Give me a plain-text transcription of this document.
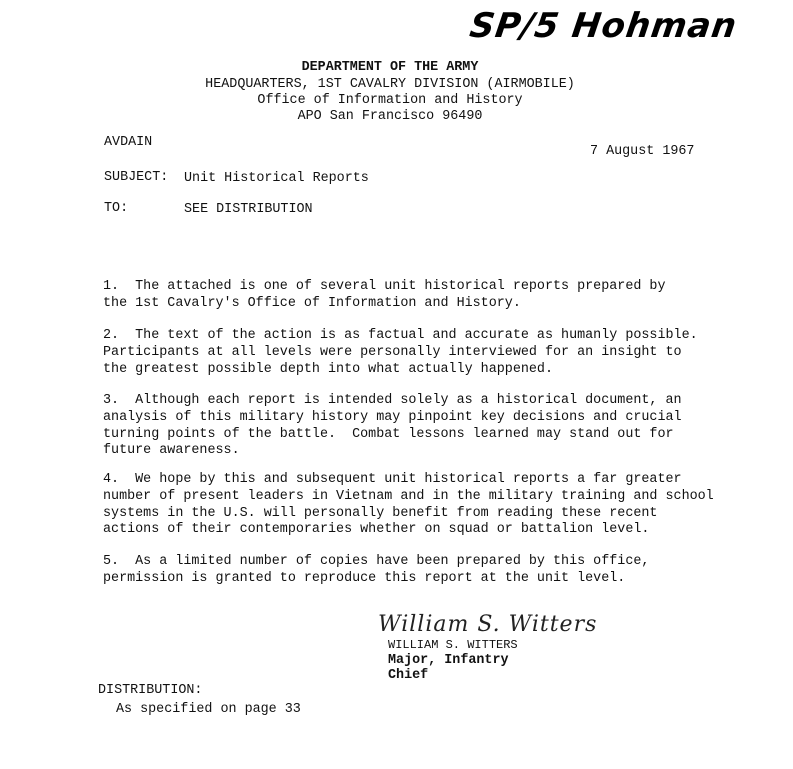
SP/5 Hohman
DEPARTMENT OF THE ARMY
HEADQUARTERS, 1ST CAVALRY DIVISION (AIRMOBILE)
Office of Information and History
APO San Francisco 96490
AVDAIN
7 August 1967
SUBJECT: Unit Historical Reports
TO:	SEE DISTRIBUTION
1.  The attached is one of several unit historical reports prepared by
the 1st Cavalry's Office of Information and History.
2.  The text of the action is as factual and accurate as humanly possible.
Participants at all levels were personally interviewed for an insight to
the greatest possible depth into what actually happened.
3.  Although each report is intended solely as a historical document, an
analysis of this military history may pinpoint key decisions and crucial
turning points of the battle.  Combat lessons learned may stand out for
future awareness.
4.  We hope by this and subsequent unit historical reports a far greater
number of present leaders in Vietnam and in the military training and school
systems in the U.S. will personally benefit from reading these recent
actions of their contemporaries whether on squad or battalion level.
5.  As a limited number of copies have been prepared by this office,
permission is granted to reproduce this report at the unit level.
William S. Witters
WILLIAM S. WITTERS
Major, Infantry
Chief
DISTRIBUTION:
As specified on page 33
